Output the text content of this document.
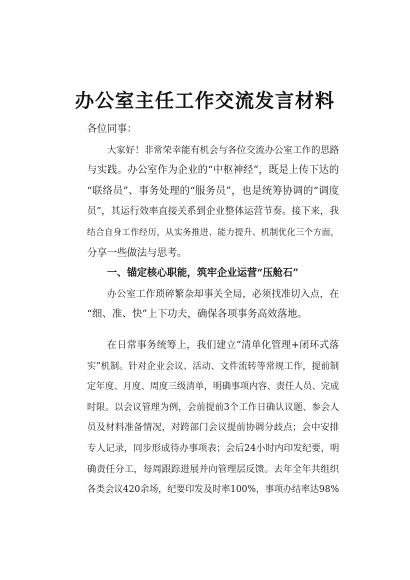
办公室主任工作交流发言材料
各位同事：
大家好！非常荣幸能有机会与各位交流办公室工作的思路
与实践。办公室作为企业的“中枢神经”，既是上传下达的
“联络员”、事务处理的“服务员”，也是统筹协调的“调度
员”，其运行效率直接关系到企业整体运营节奏。接下来，我
结合自身工作经历，从实务推进、能力提升、机制优化三个方面，
分享一些做法与思考。
一、锚定核心职能，筑牢企业运营“压舱石”
办公室工作琐碎繁杂却事关全局，必须找准切入点，在
“细、准、快”上下功夫，确保各项事务高效落地。
在日常事务统筹上，我们建立“清单化管理+闭环式落
实”机制。针对企业会议、活动、文件流转等常规工作，提前制
定年度、月度、周度三级清单，明确事项内容、责任人员、完成
时限。以会议管理为例，会前提前3个工作日确认议题、参会人
员及材料准备情况，对跨部门会议提前协调分歧点；会中安排
专人记录，同步形成待办事项表；会后24小时内印发纪要，明
确责任分工，每周跟踪进展并向管理层反馈。去年全年共组织
各类会议420余场，纪要印发及时率100%，事项办结率达98%
